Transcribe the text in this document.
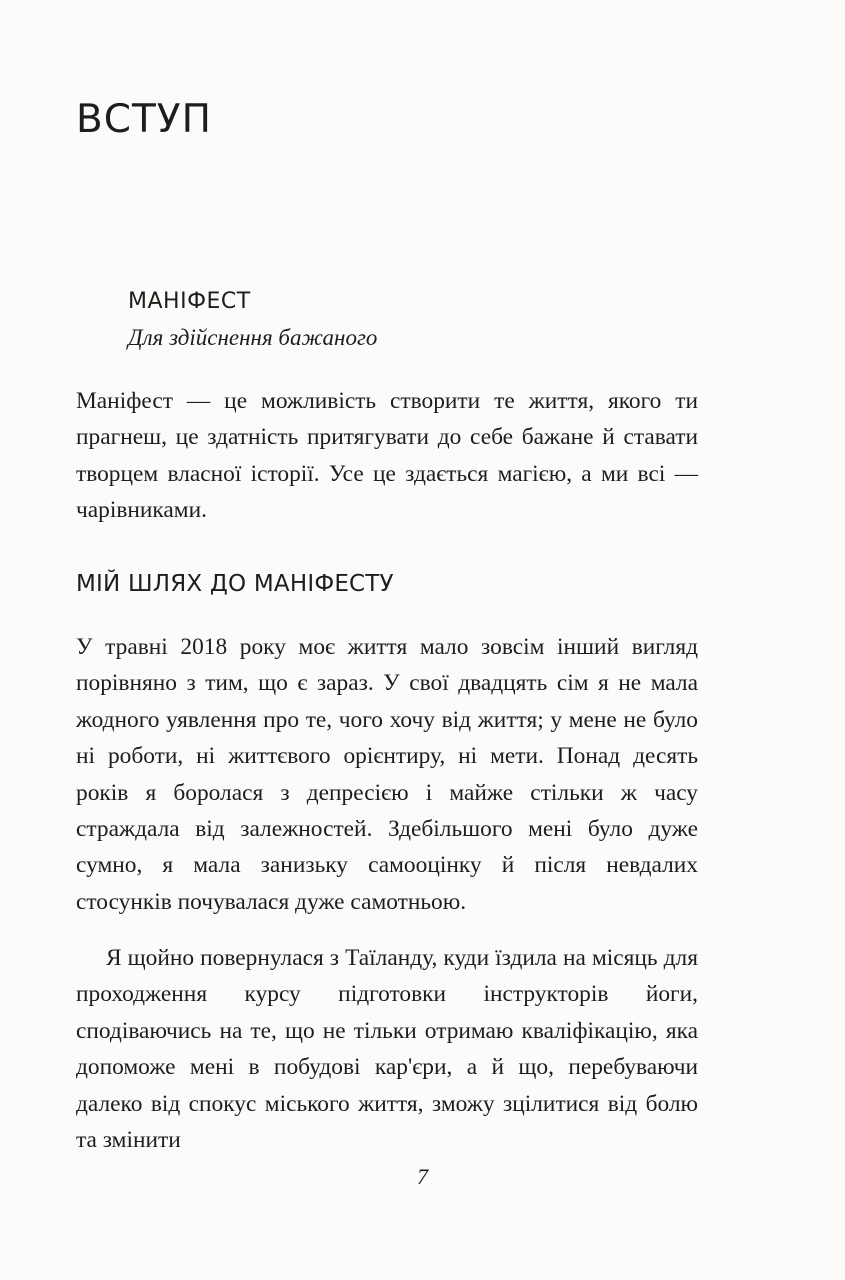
ВСТУП
МАНІФЕСТ
Для здійснення бажаного

Маніфест — це можливість створити те життя, якого ти прагнеш, це здатність притягувати до себе бажане й ставати творцем власної історії. Усе це здається магією, а ми всі — чарівниками.

МІЙ ШЛЯХ ДО МАНІФЕСТУ

У травні 2018 року моє життя мало зовсім інший вигляд порівняно з тим, що є зараз. У свої двадцять сім я не мала жодного уявлення про те, чого хочу від життя; у мене не було ні роботи, ні життєвого орієнтиру, ні мети. Понад десять років я боролася з депресією і майже стільки ж часу страждала від залежностей. Здебільшого мені було дуже сумно, я мала занизьку самооцінку й після невдалих стосунків почувалася дуже самотньою.

Я щойно повернулася з Таїланду, куди їздила на місяць для проходження курсу підготовки інструкторів йоги, сподіваючись на те, що не тільки отримаю кваліфікацію, яка допоможе мені в побудові кар'єри, а й що, перебуваючи далеко від спокус міського життя, зможу зцілитися від болю та змінити

7
